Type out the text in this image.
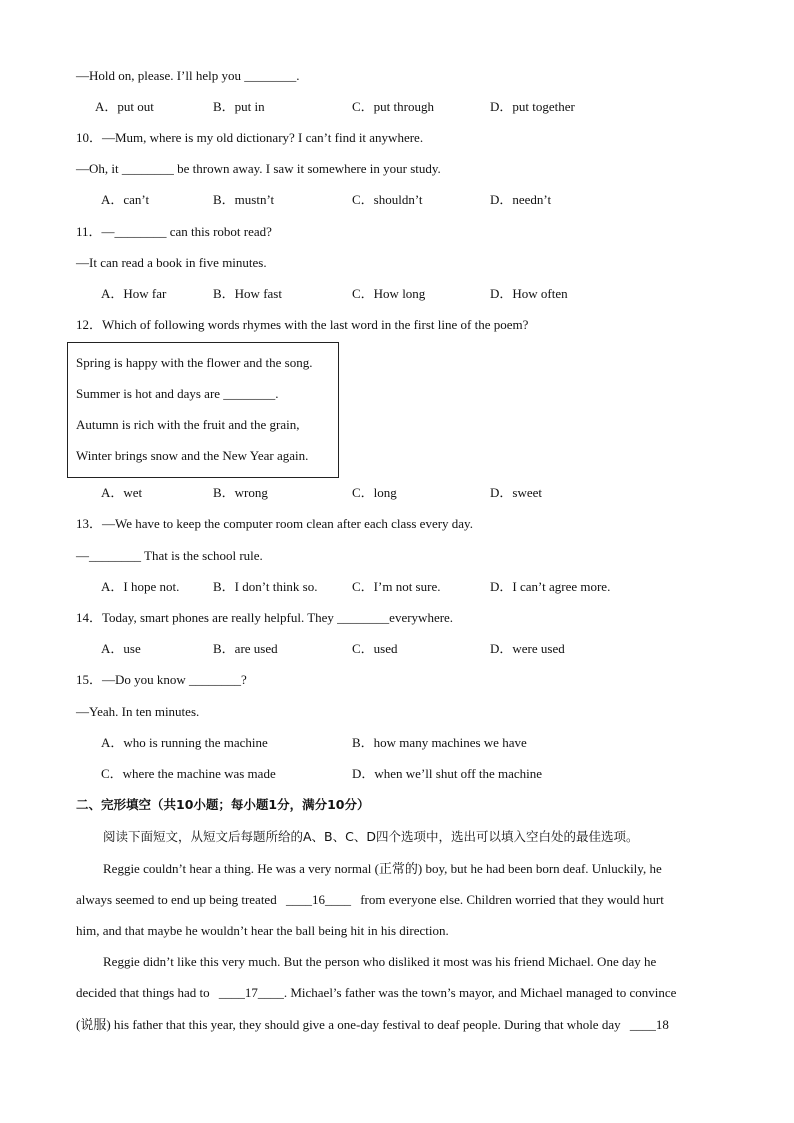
—Hold on, please. I’ll help you ________.
A．put out	B．put in	C．put through	D．put together
10．—Mum, where is my old dictionary? I can’t find it anywhere.
—Oh, it ________ be thrown away. I saw it somewhere in your study.
A．can’t	B．mustn’t	C．shouldn’t	D．needn’t
11．—________ can this robot read?
—It can read a book in five minutes.
A．How far	B．How fast	C．How long	D．How often
12．Which of following words rhymes with the last word in the first line of the poem?
Spring is happy with the flower and the song.
Summer is hot and days are ________.
Autumn is rich with the fruit and the grain,
Winter brings snow and the New Year again.
A．wet	B．wrong	C．long	D．sweet
13．—We have to keep the computer room clean after each class every day.
—________ That is the school rule.
A．I hope not.	B．I don’t think so.	C．I’m not sure.	D．I can’t agree more.
14．Today, smart phones are really helpful. They ________everywhere.
A．use	B．are used	C．used	D．were used
15．—Do you know ________?
—Yeah. In ten minutes.
A．who is running the machine	B．how many machines we have
C．where the machine was made	D．when we’ll shut off the machine
二、完形填空（共10小题；每小题1分，满分10分）
阅读下面短文，从短文后每题所给的A、B、C、D四个选项中，选出可以填入空白处的最佳选项。
Reggie couldn’t hear a thing. He was a very normal (正常的) boy, but he had been born deaf. Unluckily, he
always seemed to end up being treated ____16____ from everyone else. Children worried that they would hurt
him, and that maybe he wouldn’t hear the ball being hit in his direction.
Reggie didn’t like this very much. But the person who disliked it most was his friend Michael. One day he
decided that things had to ____17____. Michael’s father was the town’s mayor, and Michael managed to convince
(说服) his father that this year, they should give a one-day festival to deaf people. During that whole day ____18
